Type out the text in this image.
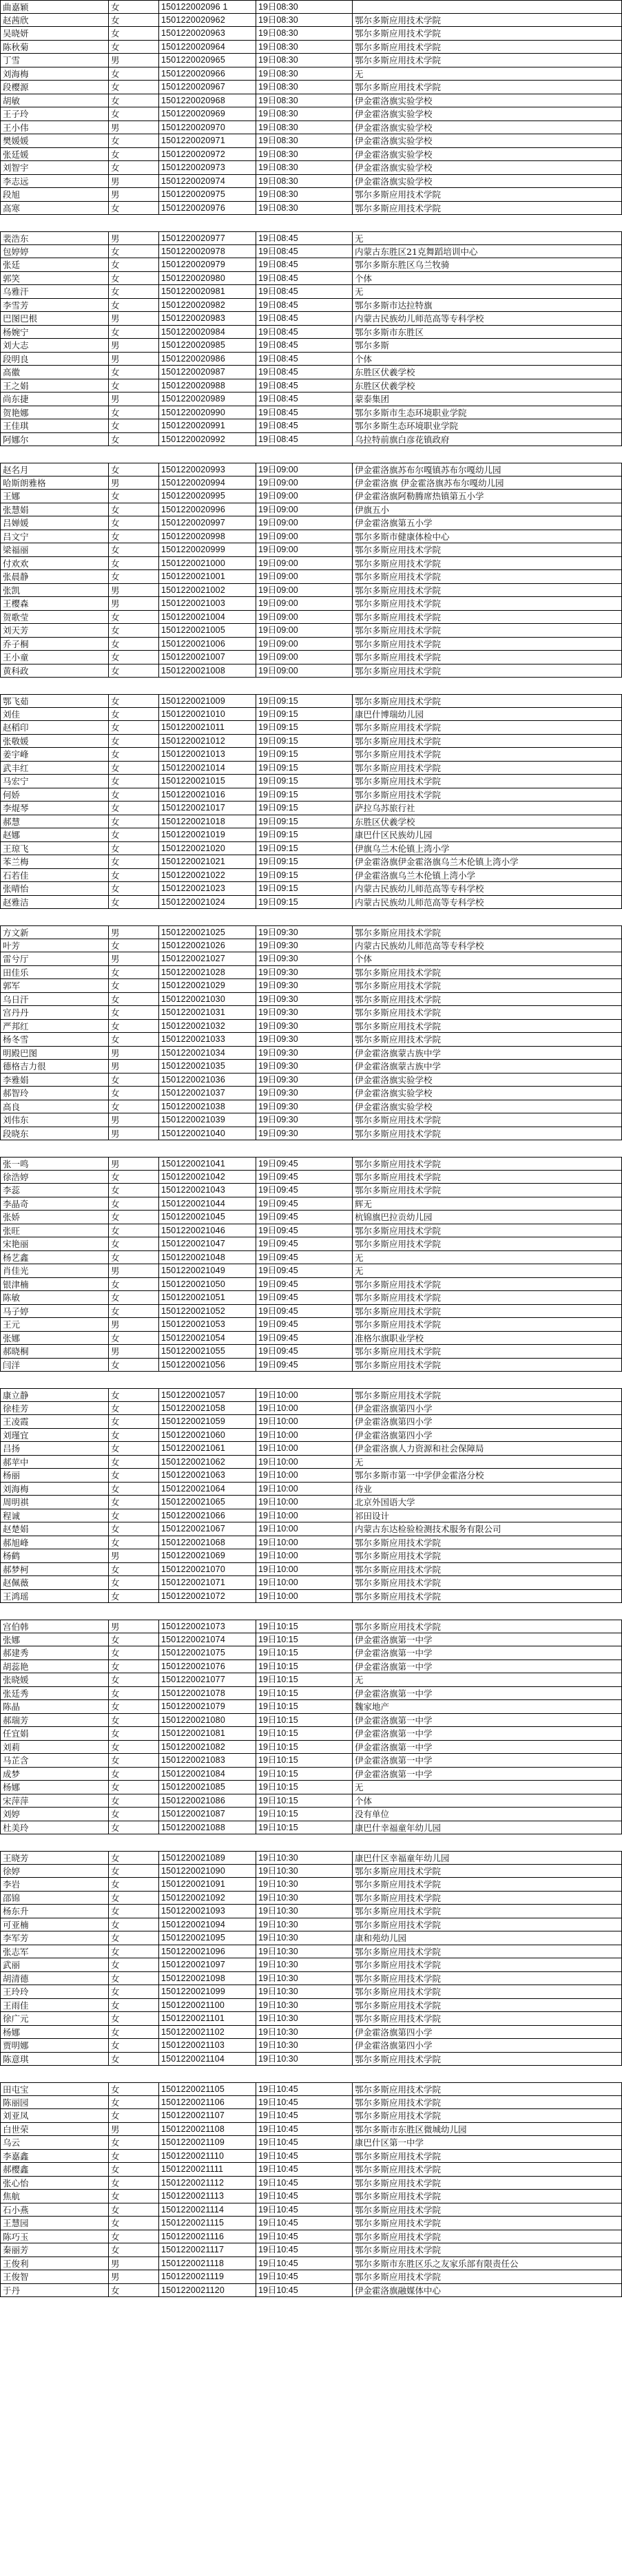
曲嘉颖	女	150122002096 1	19日08:30
赵茜欣	女	1501220020962	19日08:30	鄂尔多斯应用技术学院
吴晓妍	女	1501220020963	19日08:30	鄂尔多斯应用技术学院
陈秋菊	女	1501220020964	19日08:30	鄂尔多斯应用技术学院
丁雪	男	1501220020965	19日08:30	鄂尔多斯应用技术学院
刘海梅	女	1501220020966	19日08:30	无
段樱源	女	1501220020967	19日08:30	鄂尔多斯应用技术学院
胡敏	女	1501220020968	19日08:30	伊金霍洛旗实验学校
王子玲	女	1501220020969	19日08:30	伊金霍洛旗实验学校
王小伟	男	1501220020970	19日08:30	伊金霍洛旗实验学校
樊媛媛	女	1501220020971	19日08:30	伊金霍洛旗实验学校
张廷媛	女	1501220020972	19日08:30	伊金霍洛旗实验学校
刘智宇	女	1501220020973	19日08:30	伊金霍洛旗实验学校
李志远	男	1501220020974	19日08:30	伊金霍洛旗实验学校
段旭	男	1501220020975	19日08:30	鄂尔多斯应用技术学院
高寒	女	1501220020976	19日08:30	鄂尔多斯应用技术学院
裴浩东	男	1501220020977	19日08:45	无
包婷婷	女	1501220020978	19日08:45	内蒙古东胜区21克舞蹈培训中心
张廷	女	1501220020979	19日08:45	鄂尔多斯东胜区乌兰牧骑
郭笑	女	1501220020980	19日08:45	个体
乌雅汗	女	1501220020981	19日08:45	无
李雪芳	女	1501220020982	19日08:45	鄂尔多斯市达拉特旗
巴图巴根	男	1501220020983	19日08:45	内蒙古民族幼儿师范高等专科学校
杨婉宁	女	1501220020984	19日08:45	鄂尔多斯市东胜区
刘大志	男	1501220020985	19日08:45	鄂尔多斯
段明良	男	1501220020986	19日08:45	个体
高徽	女	1501220020987	19日08:45	东胜区伏羲学校
王之娟	女	1501220020988	19日08:45	东胜区伏羲学校
尚东捷	男	1501220020989	19日08:45	蒙泰集团
贺艳娜	女	1501220020990	19日08:45	鄂尔多斯市生态环境职业学院
王佳琪	女	1501220020991	19日08:45	鄂尔多斯生态环境职业学院
阿娜尔	女	1501220020992	19日08:45	乌拉特前旗白彦花镇政府
赵名月	女	1501220020993	19日09:00	伊金霍洛旗苏布尔嘎镇苏布尔嘎幼儿园
哈斯朗雅格	男	1501220020994	19日09:00	伊金霍洛旗 伊金霍洛旗苏布尔嘎幼儿园
王娜	女	1501220020995	19日09:00	伊金霍洛旗阿勒腾席热镇第五小学
张慧娟	女	1501220020996	19日09:00	伊旗五小
吕婵媛	女	1501220020997	19日09:00	伊金霍洛旗第五小学
吕文宁	女	1501220020998	19日09:00	鄂尔多斯市健康体检中心
梁福丽	女	1501220020999	19日09:00	鄂尔多斯应用技术学院
付欢欢	女	1501220021000	19日09:00	鄂尔多斯应用技术学院
张晨静	女	1501220021001	19日09:00	鄂尔多斯应用技术学院
张凯	男	1501220021002	19日09:00	鄂尔多斯应用技术学院
王樱森	男	1501220021003	19日09:00	鄂尔多斯应用技术学院
贺歌莹	女	1501220021004	19日09:00	鄂尔多斯应用技术学院
刘天芳	女	1501220021005	19日09:00	鄂尔多斯应用技术学院
乔子桐	女	1501220021006	19日09:00	鄂尔多斯应用技术学院
王小童	女	1501220021007	19日09:00	鄂尔多斯应用技术学院
黄科政	女	1501220021008	19日09:00	鄂尔多斯应用技术学院
鄂飞茹	女	1501220021009	19日09:15	鄂尔多斯应用技术学院
刘佳	女	1501220021010	19日09:15	康巴什博瑞幼儿园
赵稻印	女	1501220021011	19日09:15	鄂尔多斯应用技术学院
张敬媛	女	1501220021012	19日09:15	鄂尔多斯应用技术学院
姜宇峰	女	1501220021013	19日09:15	鄂尔多斯应用技术学院
武丰红	女	1501220021014	19日09:15	鄂尔多斯应用技术学院
马宏宁	女	1501220021015	19日09:15	鄂尔多斯应用技术学院
何娇	女	1501220021016	19日09:15	鄂尔多斯应用技术学院
李焜琴	女	1501220021017	19日09:15	萨拉乌苏旅行社
郝慧	女	1501220021018	19日09:15	东胜区伏羲学校
赵娜	女	1501220021019	19日09:15	康巴什区民族幼儿园
王琼飞	女	1501220021020	19日09:15	伊旗乌兰木伦镇上湾小学
苯兰梅	女	1501220021021	19日09:15	伊金霍洛旗伊金霍洛旗乌兰木伦镇上湾小学
石若佳	女	1501220021022	19日09:15	伊金霍洛旗乌兰木伦镇上湾小学
张晴怡	女	1501220021023	19日09:15	内蒙古民族幼儿师范高等专科学校
赵雅洁	女	1501220021024	19日09:15	内蒙古民族幼儿师范高等专科学校
方文新	男	1501220021025	19日09:30	鄂尔多斯应用技术学院
叶芳	女	1501220021026	19日09:30	内蒙古民族幼儿师范高等专科学校
雷兮厅	男	1501220021027	19日09:30	个体
田佳乐	女	1501220021028	19日09:30	鄂尔多斯应用技术学院
郭军	女	1501220021029	19日09:30	鄂尔多斯应用技术学院
乌日汗	女	1501220021030	19日09:30	鄂尔多斯应用技术学院
宫丹丹	女	1501220021031	19日09:30	鄂尔多斯应用技术学院
严邦红	女	1501220021032	19日09:30	鄂尔多斯应用技术学院
杨冬雪	女	1501220021033	19日09:30	鄂尔多斯应用技术学院
明殿巴图	男	1501220021034	19日09:30	伊金霍洛旗蒙古族中学
德格吉力很	男	1501220021035	19日09:30	伊金霍洛旗蒙古族中学
李雅娟	女	1501220021036	19日09:30	伊金霍洛旗实验学校
郝智玲	女	1501220021037	19日09:30	伊金霍洛旗实验学校
高良	女	1501220021038	19日09:30	伊金霍洛旗实验学校
刘伟东	男	1501220021039	19日09:30	鄂尔多斯应用技术学院
段晓东	男	1501220021040	19日09:30	鄂尔多斯应用技术学院
张一鸣	男	1501220021041	19日09:45	鄂尔多斯应用技术学院
徐浩婷	女	1501220021042	19日09:45	鄂尔多斯应用技术学院
李蕊	女	1501220021043	19日09:45	鄂尔多斯应用技术学院
李晶奇	女	1501220021044	19日09:45	辉无
张娇	女	1501220021045	19日09:45	杭锦旗巴拉贡幼儿园
张旺	女	1501220021046	19日09:45	鄂尔多斯应用技术学院
宋艳丽	女	1501220021047	19日09:45	鄂尔多斯应用技术学院
杨艺鑫	女	1501220021048	19日09:45	无
肖佳光	男	1501220021049	19日09:45	无
银津楠	女	1501220021050	19日09:45	鄂尔多斯应用技术学院
陈敏	女	1501220021051	19日09:45	鄂尔多斯应用技术学院
马子婷	女	1501220021052	19日09:45	鄂尔多斯应用技术学院
王元	男	1501220021053	19日09:45	鄂尔多斯应用技术学院
张娜	女	1501220021054	19日09:45	准格尔旗职业学校
郝晓桐	男	1501220021055	19日09:45	鄂尔多斯应用技术学院
闫洋	女	1501220021056	19日09:45	鄂尔多斯应用技术学院
康立静	女	1501220021057	19日10:00	鄂尔多斯应用技术学院
徐桂芳	女	1501220021058	19日10:00	伊金霍洛旗第四小学
王凌霞	女	1501220021059	19日10:00	伊金霍洛旗第四小学
刘瑾宜	女	1501220021060	19日10:00	伊金霍洛旗第四小学
吕扬	女	1501220021061	19日10:00	伊金霍洛旗人力资源和社会保障局
郝苹中	女	1501220021062	19日10:00	无
杨丽	女	1501220021063	19日10:00	鄂尔多斯市第一中学伊金霍洛分校
刘海梅	女	1501220021064	19日10:00	待业
周明祺	女	1501220021065	19日10:00	北京外国语大学
程诚	女	1501220021066	19日10:00	祁田设计
赵楚娟	女	1501220021067	19日10:00	内蒙古东达检验检测技术服务有限公司
郝旭峰	女	1501220021068	19日10:00	鄂尔多斯应用技术学院
杨鹤	男	1501220021069	19日10:00	鄂尔多斯应用技术学院
郝梦柯	女	1501220021070	19日10:00	鄂尔多斯应用技术学院
赵佩薇	女	1501220021071	19日10:00	鄂尔多斯应用技术学院
王鸿瑶	女	1501220021072	19日10:00	鄂尔多斯应用技术学院
宫伯韩	男	1501220021073	19日10:15	鄂尔多斯应用技术学院
张娜	女	1501220021074	19日10:15	伊金霍洛旗第一中学
郝建秀	女	1501220021075	19日10:15	伊金霍洛旗第一中学
胡蕊艳	女	1501220021076	19日10:15	伊金霍洛旗第一中学
张晓媛	女	1501220021077	19日10:15	无
张廷秀	女	1501220021078	19日10:15	伊金霍洛旗第一中学
陈晶	女	1501220021079	19日10:15	魏家地产
郝瑞芳	女	1501220021080	19日10:15	伊金霍洛旗第一中学
任宜娟	女	1501220021081	19日10:15	伊金霍洛旗第一中学
刘莉	女	1501220021082	19日10:15	伊金霍洛旗第一中学
马芷含	女	1501220021083	19日10:15	伊金霍洛旗第一中学
成梦	女	1501220021084	19日10:15	伊金霍洛旗第一中学
杨娜	女	1501220021085	19日10:15	无
宋萍萍	女	1501220021086	19日10:15	个体
刘婷	女	1501220021087	19日10:15	没有单位
杜美玲	女	1501220021088	19日10:15	康巴什幸福童年幼儿园
王晓芳	女	1501220021089	19日10:30	康巴什区幸福童年幼儿园
徐婷	女	1501220021090	19日10:30	鄂尔多斯应用技术学院
李岩	女	1501220021091	19日10:30	鄂尔多斯应用技术学院
邵锦	女	1501220021092	19日10:30	鄂尔多斯应用技术学院
杨东升	女	1501220021093	19日10:30	鄂尔多斯应用技术学院
可亚楠	女	1501220021094	19日10:30	鄂尔多斯应用技术学院
李军芳	女	1501220021095	19日10:30	康和苑幼儿园
张志军	女	1501220021096	19日10:30	鄂尔多斯应用技术学院
武丽	女	1501220021097	19日10:30	鄂尔多斯应用技术学院
胡清德	女	1501220021098	19日10:30	鄂尔多斯应用技术学院
王玲玲	女	1501220021099	19日10:30	鄂尔多斯应用技术学院
王雨佳	女	1501220021100	19日10:30	鄂尔多斯应用技术学院
徐广元	女	1501220021101	19日10:30	鄂尔多斯应用技术学院
杨娜	女	1501220021102	19日10:30	伊金霍洛旗第四小学
贾明娜	女	1501220021103	19日10:30	伊金霍洛旗第四小学
陈意琪	女	1501220021104	19日10:30	鄂尔多斯应用技术学院
田屯宝	女	1501220021105	19日10:45	鄂尔多斯应用技术学院
陈丽园	女	1501220021106	19日10:45	鄂尔多斯应用技术学院
刘亚凤	女	1501220021107	19日10:45	鄂尔多斯应用技术学院
白世荣	男	1501220021108	19日10:45	鄂尔多斯市东胜区微城幼儿园
乌云	女	1501220021109	19日10:45	康巴什区第一中学
李嘉鑫	女	1501220021110	19日10:45	鄂尔多斯应用技术学院
郝樱鑫	女	1501220021111	19日10:45	鄂尔多斯应用技术学院
张心怡	女	1501220021112	19日10:45	鄂尔多斯应用技术学院
焦航	女	1501220021113	19日10:45	鄂尔多斯应用技术学院
石小燕	女	1501220021114	19日10:45	鄂尔多斯应用技术学院
王慧园	女	1501220021115	19日10:45	鄂尔多斯应用技术学院
陈巧玉	女	1501220021116	19日10:45	鄂尔多斯应用技术学院
秦丽芳	女	1501220021117	19日10:45	鄂尔多斯应用技术学院
王俊利	男	1501220021118	19日10:45	鄂尔多斯市东胜区乐之友家乐部有限责任公
王俊智	男	1501220021119	19日10:45	鄂尔多斯应用技术学院
于丹	女	1501220021120	19日10:45	伊金霍洛旗融媒体中心
